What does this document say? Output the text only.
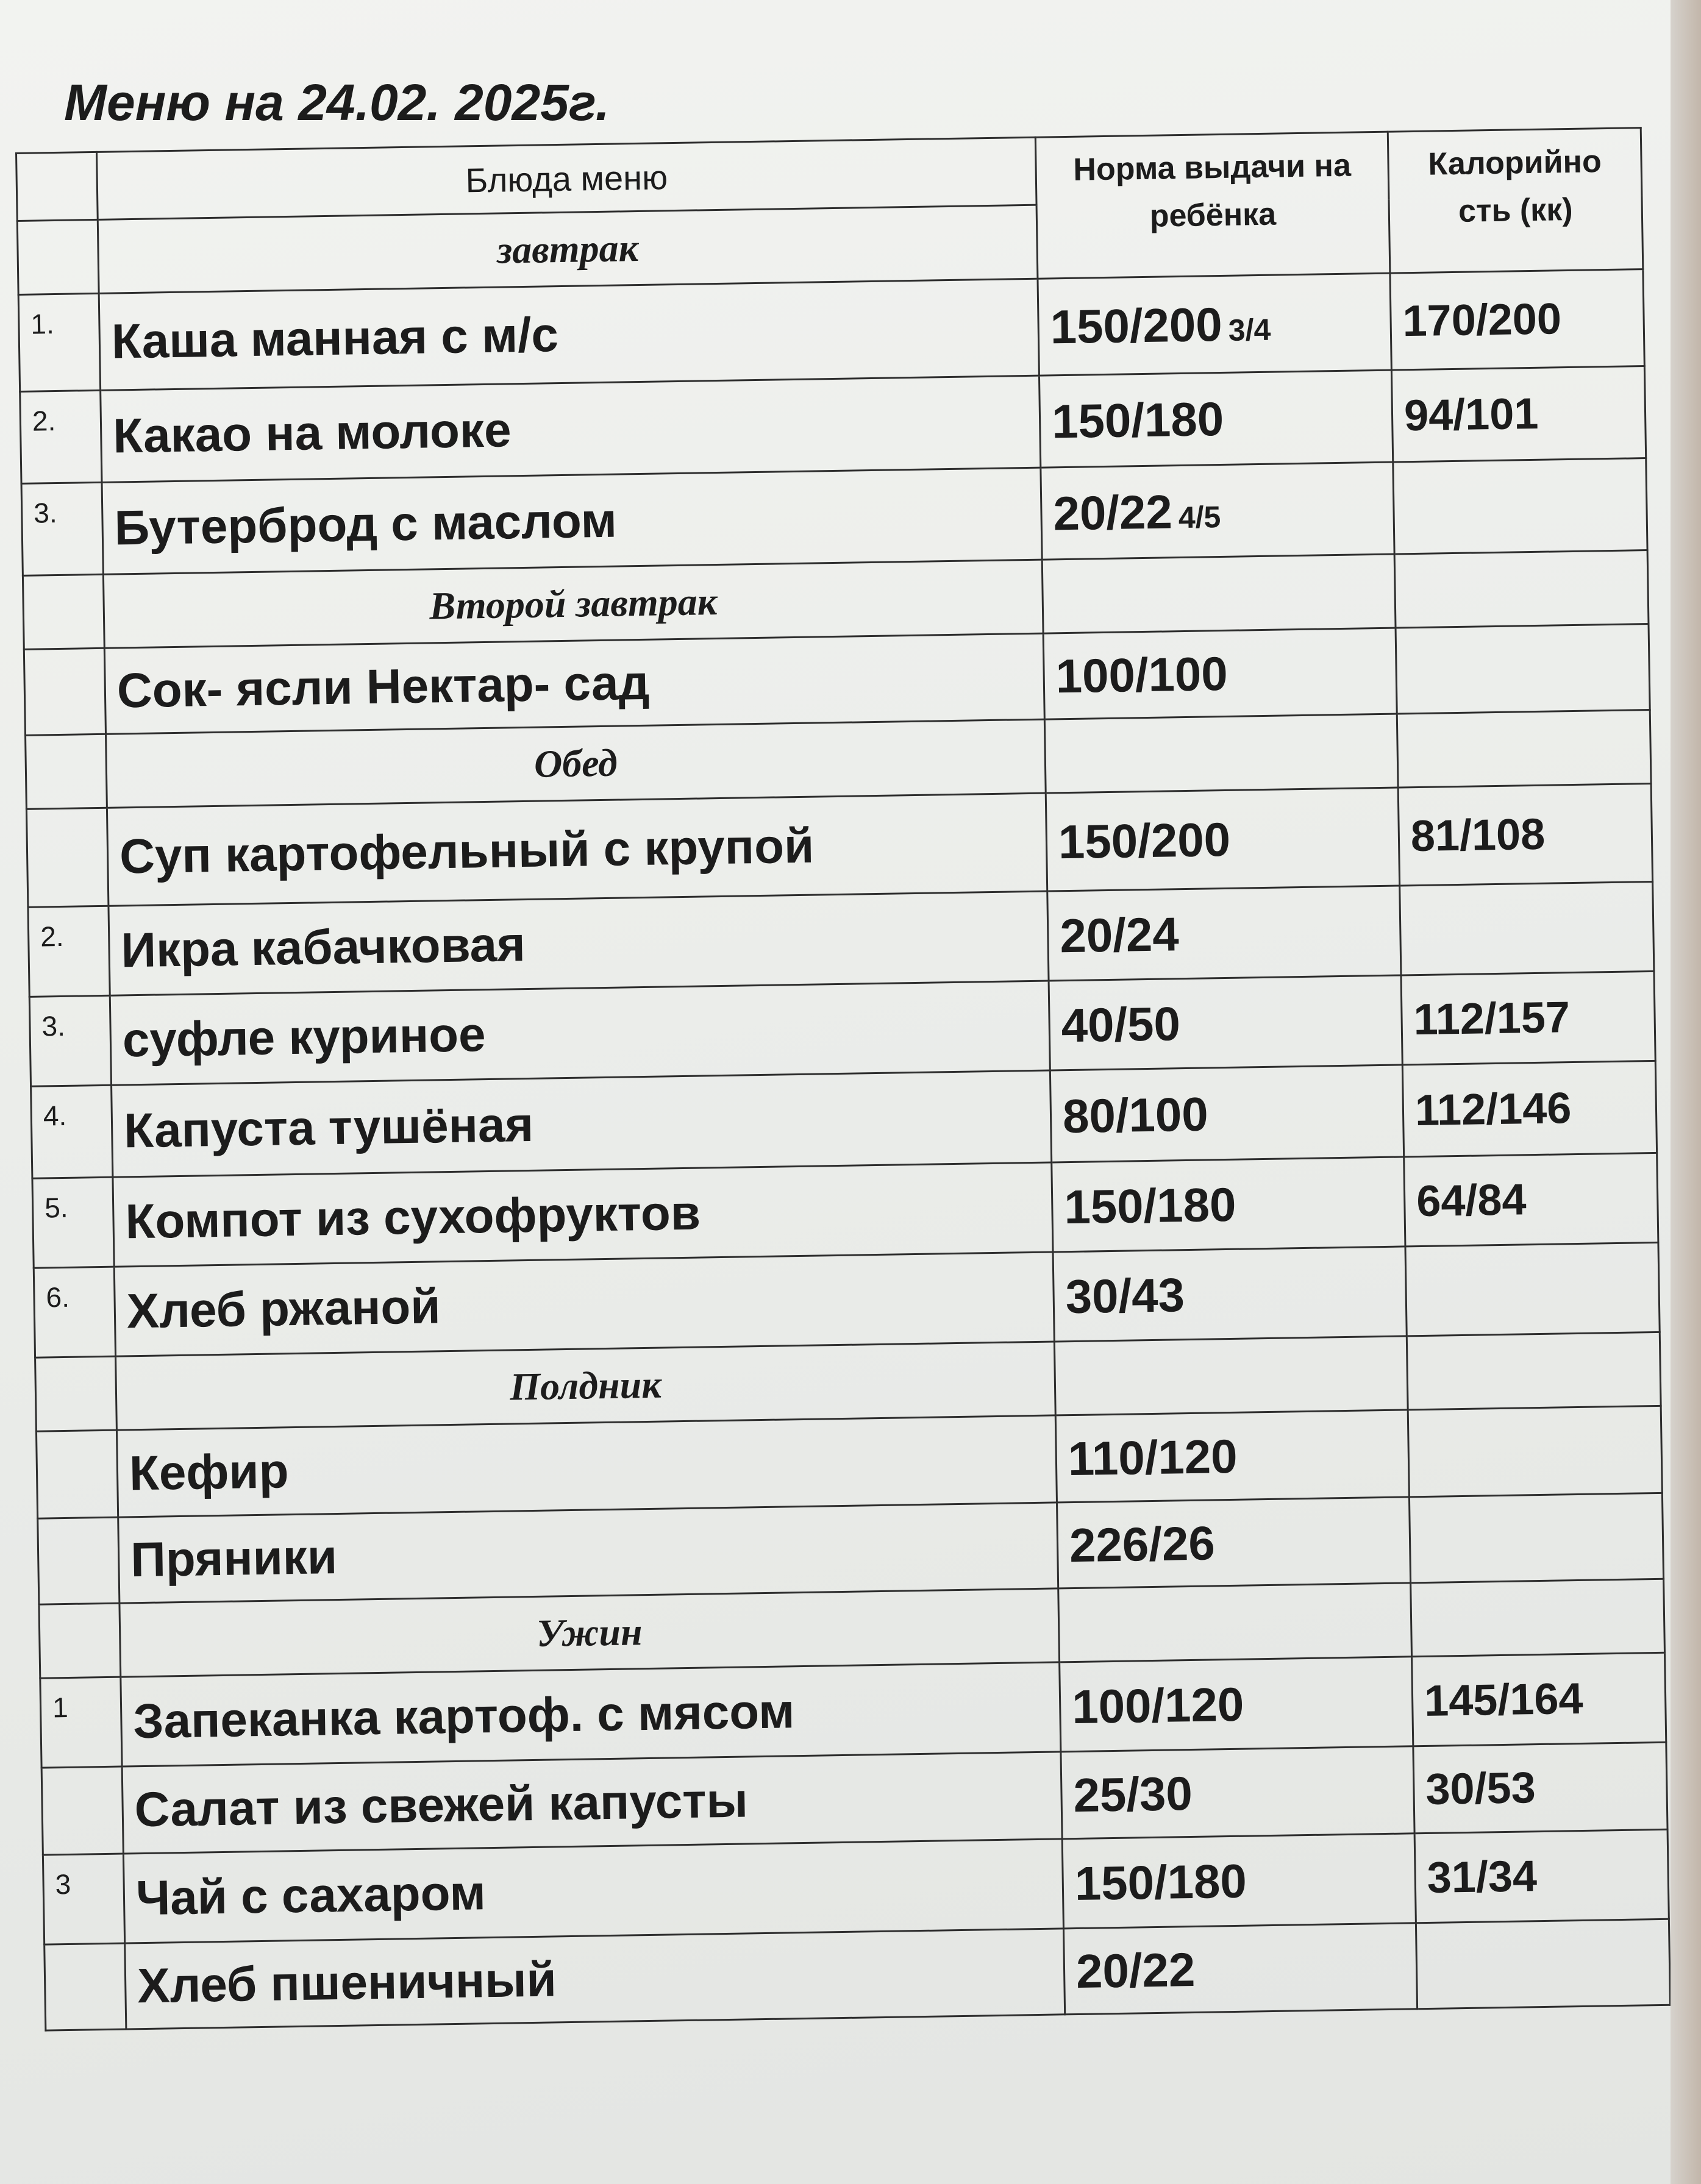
Меню на 24.02. 2025г.
	Блюда меню	Норма выдачи на ребёнка	Калорийно сть (кк)
	завтрак		
1.	Каша манная с м/с	150/200 3/4	170/200
2.	Какао на молоке	150/180	94/101
3.	Бутерброд с маслом	20/22 4/5	
	Второй завтрак		
	Сок- ясли Нектар- сад	100/100	
	Обед		
	Суп картофельный с крупой	150/200	81/108
2.	Икра кабачковая	20/24	
3.	суфле куриное	40/50	112/157
4.	Капуста тушёная	80/100	112/146
5.	Компот из сухофруктов	150/180	64/84
6.	Хлеб ржаной	30/43	
	Полдник		
	Кефир	110/120	
	Пряники	226/26	
	Ужин		
1	Запеканка картоф. с мясом	100/120	145/164
	Салат из свежей капусты	25/30	30/53
3	Чай с сахаром	150/180	31/34
	Хлеб пшеничный	20/22	
